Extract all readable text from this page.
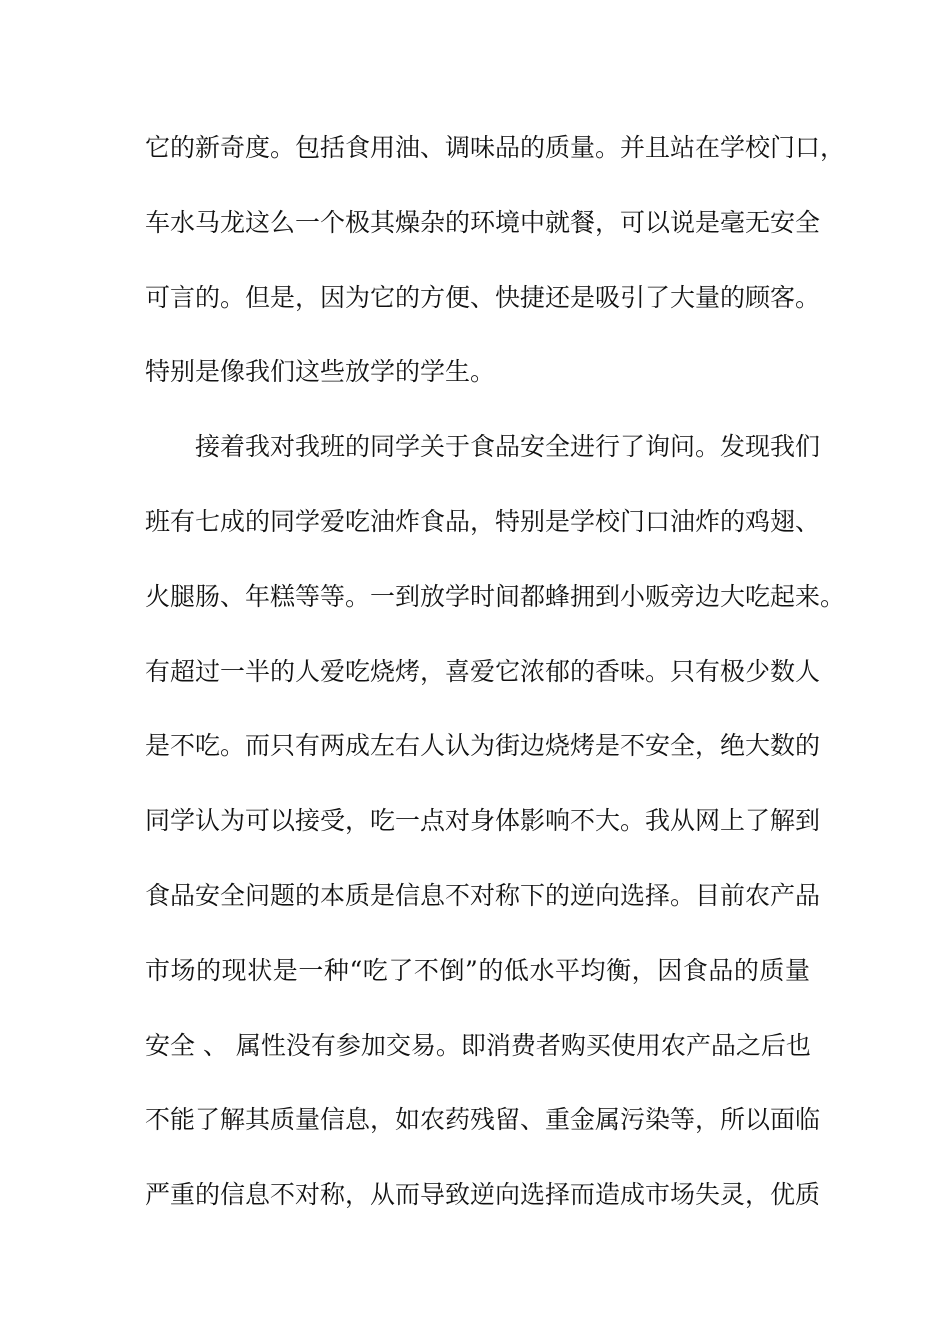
它的新奇度。包括食用油、调味品的质量。并且站在学校门口，
车水马龙这么一个极其燥杂的环境中就餐，可以说是毫无安全
可言的。但是，因为它的方便、快捷还是吸引了大量的顾客。
特别是像我们这些放学的学生。
接着我对我班的同学关于食品安全进行了询问。发现我们
班有七成的同学爱吃油炸食品，特别是学校门口油炸的鸡翅、
火腿肠、年糕等等。一到放学时间都蜂拥到小贩旁边大吃起来。
有超过一半的人爱吃烧烤，喜爱它浓郁的香味。只有极少数人
是不吃。而只有两成左右人认为街边烧烤是不安全，绝大数的
同学认为可以接受，吃一点对身体影响不大。我从网上了解到
食品安全问题的本质是信息不对称下的逆向选择。目前农产品
市场的现状是一种“吃了不倒”的低水平均衡，因食品的质量
安全 、 属性没有参加交易。即消费者购买使用农产品之后也
不能了解其质量信息，如农药残留、重金属污染等，所以面临
严重的信息不对称，从而导致逆向选择而造成市场失灵，优质
